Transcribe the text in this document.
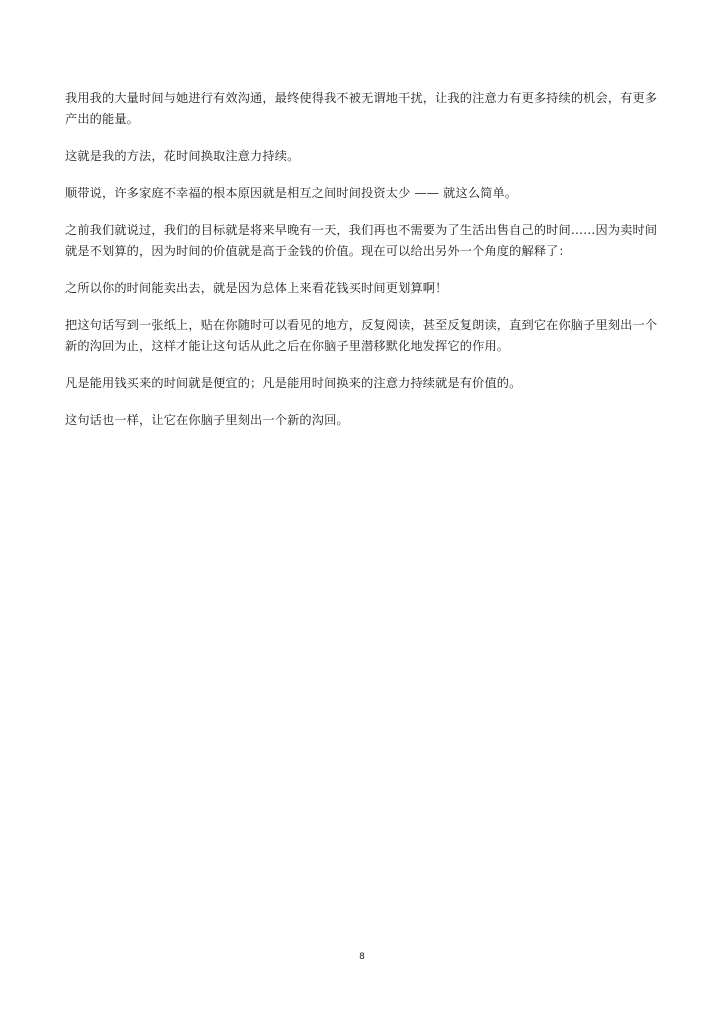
我用我的大量时间与她进行有效沟通，最终使得我不被无谓地干扰，让我的注意力有更多持续的机会，有更多产出的能量。

这就是我的方法，花时间换取注意力持续。

顺带说，许多家庭不幸福的根本原因就是相互之间时间投资太少 —— 就这么简单。

之前我们就说过，我们的目标就是将来早晚有一天，我们再也不需要为了生活出售自己的时间……因为卖时间就是不划算的，因为时间的价值就是高于金钱的价值。现在可以给出另外一个角度的解释了：

之所以你的时间能卖出去，就是因为总体上来看花钱买时间更划算啊！

把这句话写到一张纸上，贴在你随时可以看见的地方，反复阅读，甚至反复朗读，直到它在你脑子里刻出一个新的沟回为止，这样才能让这句话从此之后在你脑子里潜移默化地发挥它的作用。

凡是能用钱买来的时间就是便宜的；凡是能用时间换来的注意力持续就是有价值的。

这句话也一样，让它在你脑子里刻出一个新的沟回。

8
